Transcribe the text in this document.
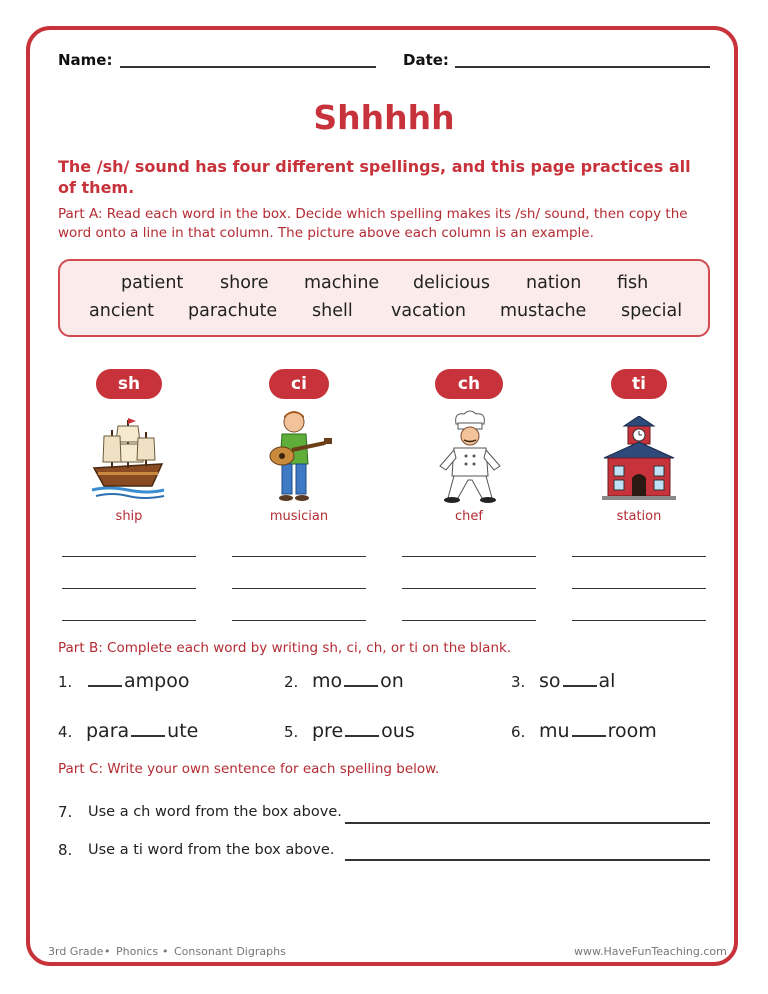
Name:	Date:
Shhhhh
The /sh/ sound has four different spellings, and this page practices all of them.
Part A: Read each word in the box. Decide which spelling makes its /sh/ sound, then copy the word onto a line in that column. The picture above each column is an example.
patient shore machine delicious nation fish
ancient parachute shell vacation mustache special
sh	ci	ch	ti
ship	musician	chef	station
Part B: Complete each word by writing sh, ci, ch, or ti on the blank.
1.	ampoo	2. mo on	3. so al
4. para ute	5. pre ous	6. mu room
Part C: Write your own sentence for each spelling below.
7. Use a ch word from the box above.
8. Use a ti word from the box above.
3rd Grade • Phonics • Consonant Digraphs	www.HaveFunTeaching.com
